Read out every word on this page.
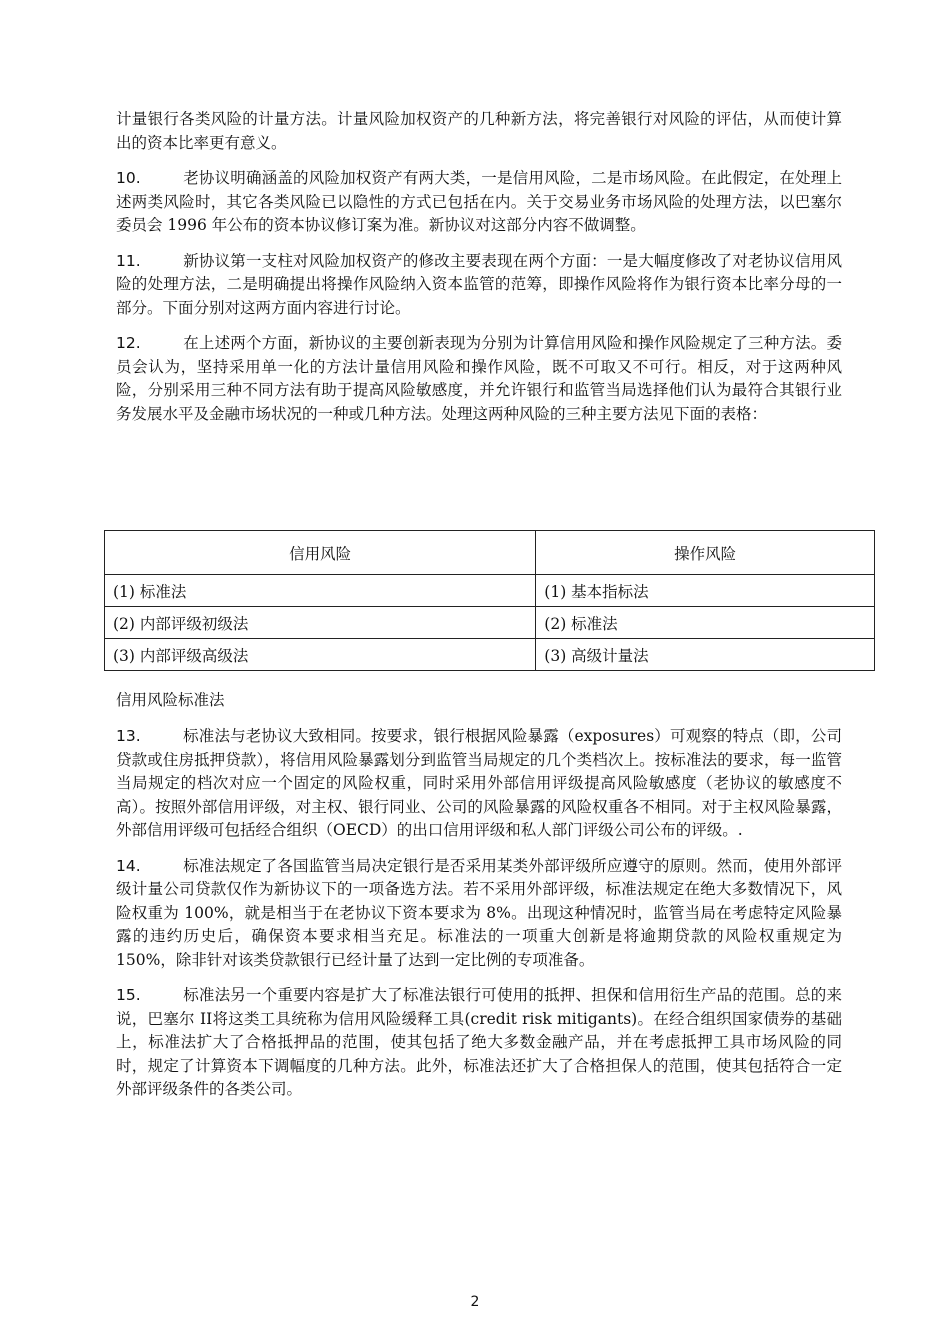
计量银行各类风险的计量方法。计量风险加权资产的几种新方法，将完善银行对风险的评估，从而使计算出的资本比率更有意义。

10.	老协议明确涵盖的风险加权资产有两大类，一是信用风险，二是市场风险。在此假定，在处理上述两类风险时，其它各类风险已以隐性的方式已包括在内。关于交易业务市场风险的处理方法，以巴塞尔委员会 1996 年公布的资本协议修订案为准。新协议对这部分内容不做调整。

11.	新协议第一支柱对风险加权资产的修改主要表现在两个方面：一是大幅度修改了对老协议信用风险的处理方法，二是明确提出将操作风险纳入资本监管的范筹，即操作风险将作为银行资本比率分母的一部分。下面分别对这两方面内容进行讨论。

12.	在上述两个方面，新协议的主要创新表现为分别为计算信用风险和操作风险规定了三种方法。委员会认为，坚持采用单一化的方法计量信用风险和操作风险，既不可取又不可行。相反，对于这两种风险，分别采用三种不同方法有助于提高风险敏感度，并允许银行和监管当局选择他们认为最符合其银行业务发展水平及金融市场状况的一种或几种方法。处理这两种风险的三种主要方法见下面的表格：

信用风险	操作风险
(1) 标准法	(1) 基本指标法
(2) 内部评级初级法	(2) 标准法
(3) 内部评级高级法	(3) 高级计量法

信用风险标准法

13.	标准法与老协议大致相同。按要求，银行根据风险暴露（exposures）可观察的特点（即，公司贷款或住房抵押贷款），将信用风险暴露划分到监管当局规定的几个类档次上。按标准法的要求，每一监管当局规定的档次对应一个固定的风险权重，同时采用外部信用评级提高风险敏感度（老协议的敏感度不高）。按照外部信用评级，对主权、银行同业、公司的风险暴露的风险权重各不相同。对于主权风险暴露，外部信用评级可包括经合组织（OECD）的出口信用评级和私人部门评级公司公布的评级。.

14.	标准法规定了各国监管当局决定银行是否采用某类外部评级所应遵守的原则。然而，使用外部评级计量公司贷款仅作为新协议下的一项备选方法。若不采用外部评级，标准法规定在绝大多数情况下，风险权重为 100%，就是相当于在老协议下资本要求为 8%。出现这种情况时，监管当局在考虑特定风险暴露的违约历史后，确保资本要求相当充足。标准法的一项重大创新是将逾期贷款的风险权重规定为 150%，除非针对该类贷款银行已经计量了达到一定比例的专项准备。

15.	标准法另一个重要内容是扩大了标准法银行可使用的抵押、担保和信用衍生产品的范围。总的来说，巴塞尔 II将这类工具统称为信用风险缓释工具(credit risk mitigants)。在经合组织国家债券的基础上，标准法扩大了合格抵押品的范围，使其包括了绝大多数金融产品，并在考虑抵押工具市场风险的同时，规定了计算资本下调幅度的几种方法。此外，标准法还扩大了合格担保人的范围，使其包括符合一定外部评级条件的各类公司。

2
